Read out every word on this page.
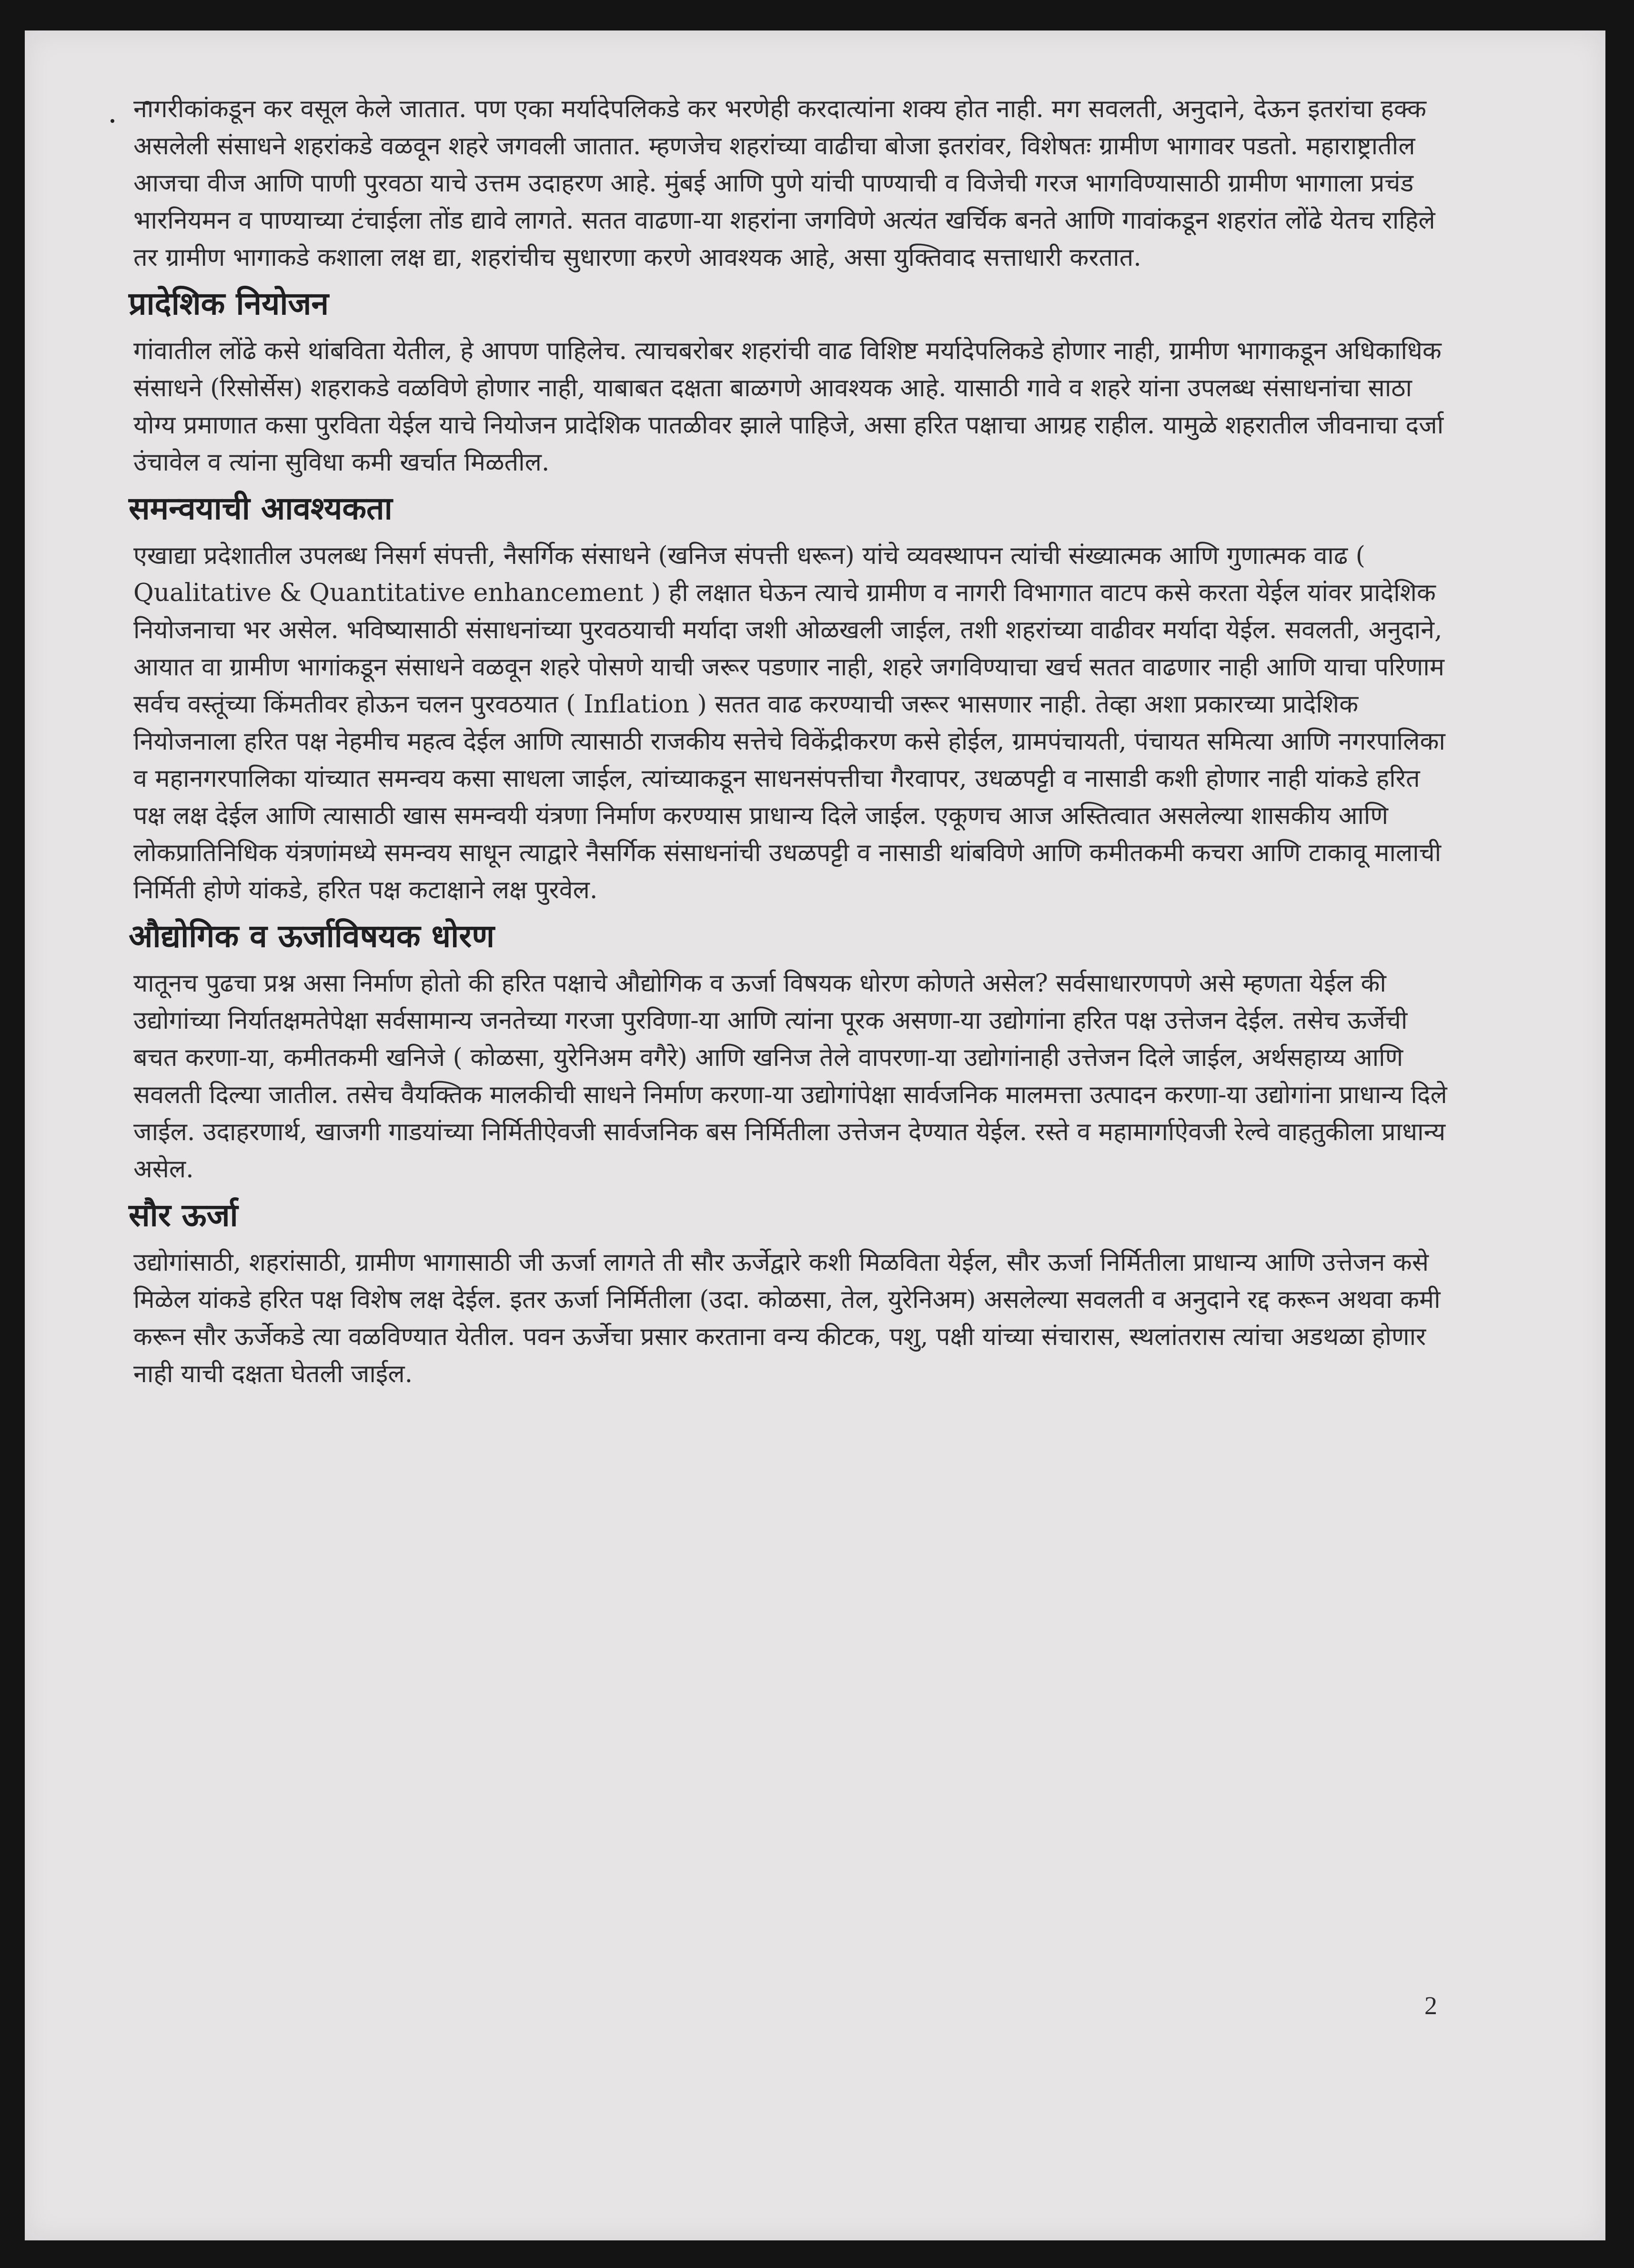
नागरीकांकडून कर वसूल केले जातात. पण एका मर्यादेपलिकडे कर भरणेही करदात्यांना शक्य होत नाही. मग सवलती, अनुदाने, देऊन इतरांचा हक्क असलेली संसाधने शहरांकडे वळवून शहरे जगवली जातात. म्हणजेच शहरांच्या वाढीचा बोजा इतरांवर, विशेषतः ग्रामीण भागावर पडतो. महाराष्ट्रातील आजचा वीज आणि पाणी पुरवठा याचे उत्तम उदाहरण आहे. मुंबई आणि पुणे यांची पाण्याची व विजेची गरज भागविण्यासाठी ग्रामीण भागाला प्रचंड भारनियमन व पाण्याच्या टंचाईला तोंड द्यावे लागते. सतत वाढणा-या शहरांना जगविणे अत्यंत खर्चिक बनते आणि गावांकडून शहरांत लोंढे येतच राहिले तर ग्रामीण भागाकडे कशाला लक्ष द्या, शहरांचीच सुधारणा करणे आवश्यक आहे, असा युक्तिवाद सत्ताधारी करतात.

प्रादेशिक नियोजन

गांवातील लोंढे कसे थांबविता येतील, हे आपण पाहिलेच. त्याचबरोबर शहरांची वाढ विशिष्ट मर्यादेपलिकडे होणार नाही, ग्रामीण भागाकडून अधिकाधिक संसाधने (रिसोर्सेस) शहराकडे वळविणे होणार नाही, याबाबत दक्षता बाळगणे आवश्यक आहे. यासाठी गावे व शहरे यांना उपलब्ध संसाधनांचा साठा योग्य प्रमाणात कसा पुरविता येईल याचे नियोजन प्रादेशिक पातळीवर झाले पाहिजे, असा हरित पक्षाचा आग्रह राहील. यामुळे शहरातील जीवनाचा दर्जा उंचावेल व त्यांना सुविधा कमी खर्चात मिळतील.

समन्वयाची आवश्यकता

एखाद्या प्रदेशातील उपलब्ध निसर्ग संपत्ती, नैसर्गिक संसाधने (खनिज संपत्ती धरून) यांचे व्यवस्थापन त्यांची संख्यात्मक आणि गुणात्मक वाढ ( Qualitative & Quantitative enhancement ) ही लक्षात घेऊन त्याचे ग्रामीण व नागरी विभागात वाटप कसे करता येईल यांवर प्रादेशिक नियोजनाचा भर असेल. भविष्यासाठी संसाधनांच्या पुरवठयाची मर्यादा जशी ओळखली जाईल, तशी शहरांच्या वाढीवर मर्यादा येईल. सवलती, अनुदाने, आयात वा ग्रामीण भागांकडून संसाधने वळवून शहरे पोसणे याची जरूर पडणार नाही, शहरे जगविण्याचा खर्च सतत वाढणार नाही आणि याचा परिणाम सर्वच वस्तूंच्या किंमतीवर होऊन चलन पुरवठयात ( Inflation ) सतत वाढ करण्याची जरूर भासणार नाही. तेव्हा अशा प्रकारच्या प्रादेशिक नियोजनाला हरित पक्ष नेहमीच महत्व देईल आणि त्यासाठी राजकीय सत्तेचे विकेंद्रीकरण कसे होईल, ग्रामपंचायती, पंचायत समित्या आणि नगरपालिका व महानगरपालिका यांच्यात समन्वय कसा साधला जाईल, त्यांच्याकडून साधनसंपत्तीचा गैरवापर, उधळपट्टी व नासाडी कशी होणार नाही यांकडे हरित पक्ष लक्ष देईल आणि त्यासाठी खास समन्वयी यंत्रणा निर्माण करण्यास प्राधान्य दिले जाईल. एकूणच आज अस्तित्वात असलेल्या शासकीय आणि लोकप्रातिनिधिक यंत्रणांमध्ये समन्वय साधून त्याद्वारे नैसर्गिक संसाधनांची उधळपट्टी व नासाडी थांबविणे आणि कमीतकमी कचरा आणि टाकावू मालाची निर्मिती होणे यांकडे, हरित पक्ष कटाक्षाने लक्ष पुरवेल.

औद्योगिक व ऊर्जाविषयक धोरण

यातूनच पुढचा प्रश्न असा निर्माण होतो की हरित पक्षाचे औद्योगिक व ऊर्जा विषयक धोरण कोणते असेल? सर्वसाधारणपणे असे म्हणता येईल की उद्योगांच्या निर्यातक्षमतेपेक्षा सर्वसामान्य जनतेच्या गरजा पुरविणा-या आणि त्यांना पूरक असणा-या उद्योगांना हरित पक्ष उत्तेजन देईल. तसेच ऊर्जेची बचत करणा-या, कमीतकमी खनिजे ( कोळसा, युरेनिअम वगैरे) आणि खनिज तेले वापरणा-या उद्योगांनाही उत्तेजन दिले जाईल, अर्थसहाय्य आणि सवलती दिल्या जातील. तसेच वैयक्तिक मालकीची साधने निर्माण करणा-या उद्योगांपेक्षा सार्वजनिक मालमत्ता उत्पादन करणा-या उद्योगांना प्राधान्य दिले जाईल. उदाहरणार्थ, खाजगी गाडयांच्या निर्मितीऐवजी सार्वजनिक बस निर्मितीला उत्तेजन देण्यात येईल. रस्ते व महामार्गाऐवजी रेल्वे वाहतुकीला प्राधान्य असेल.

सौर ऊर्जा

उद्योगांसाठी, शहरांसाठी, ग्रामीण भागासाठी जी ऊर्जा लागते ती सौर ऊर्जेद्वारे कशी मिळविता येईल, सौर ऊर्जा निर्मितीला प्राधान्य आणि उत्तेजन कसे मिळेल यांकडे हरित पक्ष विशेष लक्ष देईल. इतर ऊर्जा निर्मितीला (उदा. कोळसा, तेल, युरेनिअम) असलेल्या सवलती व अनुदाने रद्द करून अथवा कमी करून सौर ऊर्जेकडे त्या वळविण्यात येतील. पवन ऊर्जेचा प्रसार करताना वन्य कीटक, पशु, पक्षी यांच्या संचारास, स्थलांतरास त्यांचा अडथळा होणार नाही याची दक्षता घेतली जाईल.

2
